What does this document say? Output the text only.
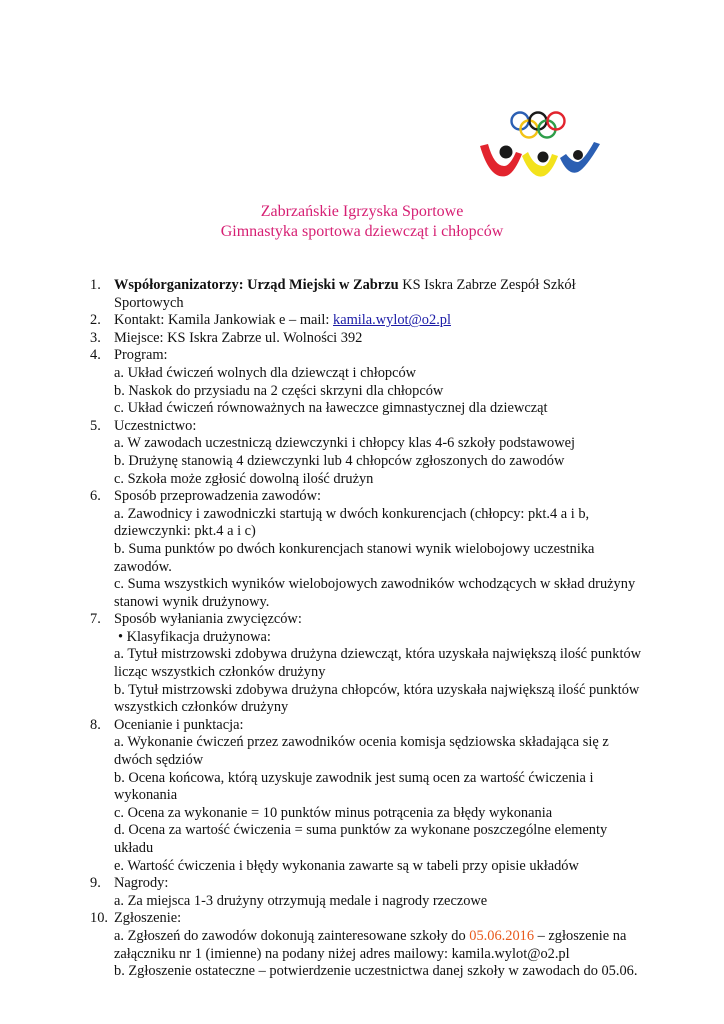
Zabrzańskie Igrzyska Sportowe
Gimnastyka sportowa dziewcząt i chłopców
1. Współorganizatorzy: Urząd Miejski w Zabrzu KS Iskra Zabrze Zespół Szkół
Sportowych
2. Kontakt: Kamila Jankowiak e – mail: kamila.wylot@o2.pl
3. Miejsce: KS Iskra Zabrze ul. Wolności 392
4. Program:
a. Układ ćwiczeń wolnych dla dziewcząt i chłopców
b. Naskok do przysiadu na 2 części skrzyni dla chłopców
c. Układ ćwiczeń równoważnych na ławeczce gimnastycznej dla dziewcząt
5. Uczestnictwo:
a. W zawodach uczestniczą dziewczynki i chłopcy klas 4-6 szkoły podstawowej
b. Drużynę stanowią 4 dziewczynki lub 4 chłopców zgłoszonych do zawodów
c. Szkoła może zgłosić dowolną ilość drużyn
6. Sposób przeprowadzenia zawodów:
a. Zawodnicy i zawodniczki startują w dwóch konkurencjach (chłopcy: pkt.4 a i b,
dziewczynki: pkt.4 a i c)
b. Suma punktów po dwóch konkurencjach stanowi wynik wielobojowy uczestnika
zawodów.
c. Suma wszystkich wyników wielobojowych zawodników wchodzących w skład drużyny
stanowi wynik drużynowy.
7. Sposób wyłaniania zwycięzców:
• Klasyfikacja drużynowa:
a. Tytuł mistrzowski zdobywa drużyna dziewcząt, która uzyskała największą ilość punktów
licząc wszystkich członków drużyny
b. Tytuł mistrzowski zdobywa drużyna chłopców, która uzyskała największą ilość punktów
wszystkich członków drużyny
8. Ocenianie i punktacja:
a. Wykonanie ćwiczeń przez zawodników ocenia komisja sędziowska składająca się z
dwóch sędziów
b. Ocena końcowa, którą uzyskuje zawodnik jest sumą ocen za wartość ćwiczenia i
wykonania
c. Ocena za wykonanie = 10 punktów minus potrącenia za błędy wykonania
d. Ocena za wartość ćwiczenia = suma punktów za wykonane poszczególne elementy
układu
e. Wartość ćwiczenia i błędy wykonania zawarte są w tabeli przy opisie układów
9. Nagrody:
a. Za miejsca 1-3 drużyny otrzymują medale i nagrody rzeczowe
10. Zgłoszenie:
a. Zgłoszeń do zawodów dokonują zainteresowane szkoły do 05.06.2016 – zgłoszenie na
załączniku nr 1 (imienne) na podany niżej adres mailowy: kamila.wylot@o2.pl
b. Zgłoszenie ostateczne – potwierdzenie uczestnictwa danej szkoły w zawodach do 05.06.
